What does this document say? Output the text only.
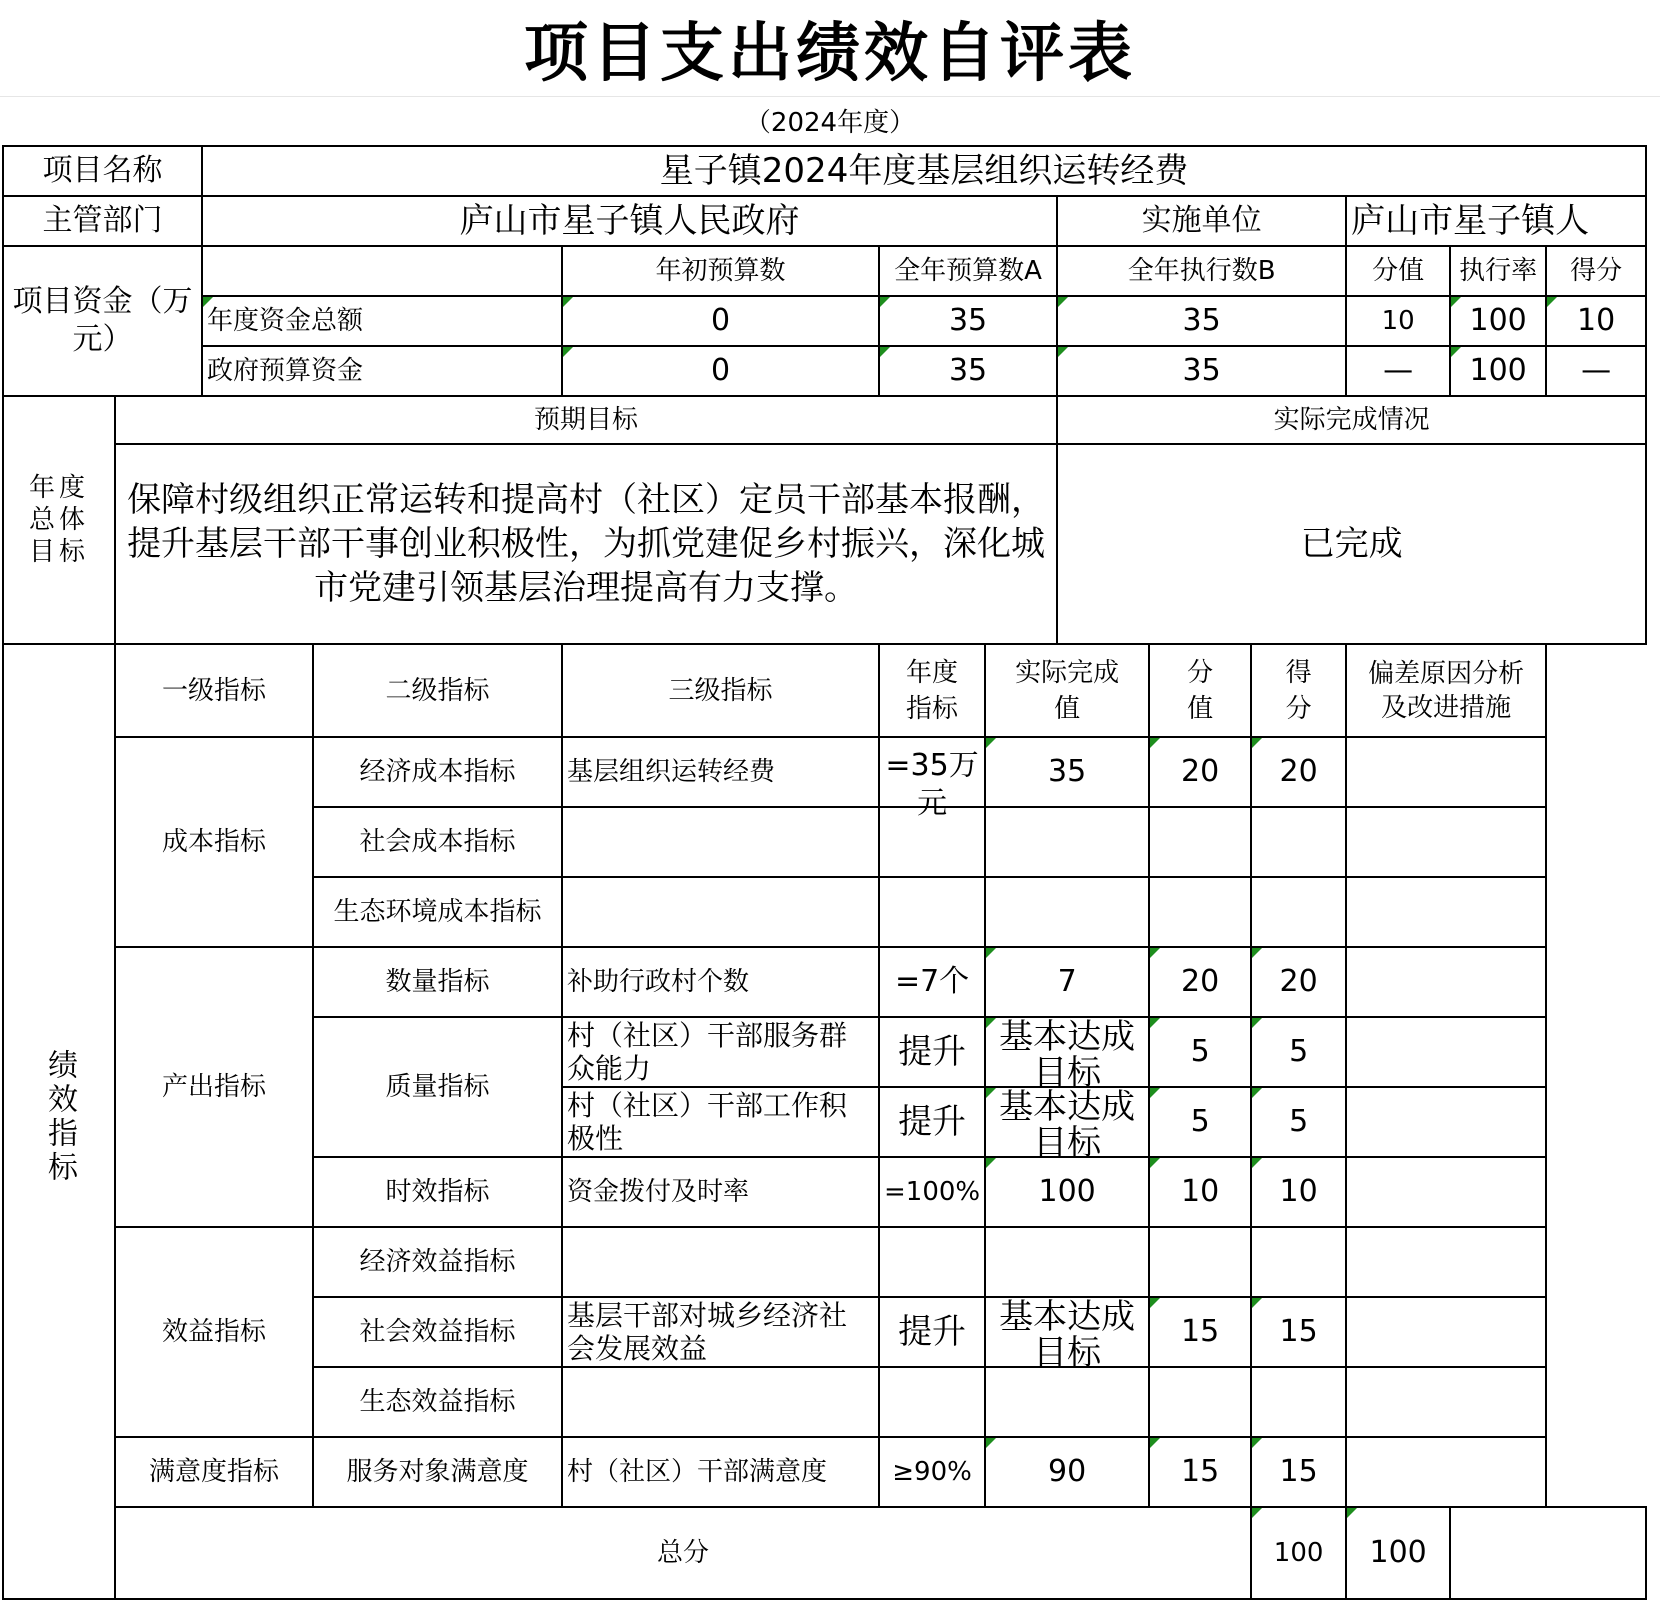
项目支出绩效自评表
（2024年度）
项目名称		星子镇2024年度基层组织运转经费										
主管部门		庐山市星子镇人民政府					实施单位			庐山市星子镇人		
项目资金（万元）				年初预算数	全年预算数A		全年执行数B			分值	执行率	得分
		年度资金总额		0	35		35			10	100	10
		政府预算资金		0	35		35			—	100	—

年度总体目标	预期目标						实际完成情况					
	保障村级组织正常运转和提高村（社区）定员干部基本报酬，提升基层干部干事创业积极性，为抓党建促乡村振兴，深化城市党建引领基层治理提高有力支撑。						已完成					
绩效指标	一级指标		二级指标	三级指标	年度指标	实际完成值		分值	得分	偏差原因分析及改进措施		

	成本指标		经济成本指标	基层组织运转经费	=35万元	35		20	20			
			社会成本指标									
			生态环境成本指标									
	产出指标		数量指标	补助行政村个数	=7个	7		20	20			
			质量指标	村（社区）干部服务群众能力	提升	基本达成目标		5	5			

				村（社区）干部工作积极性	提升	基本达成目标		5	5			
			时效指标	资金拨付及时率	=100%	100		10	10			
	效益指标		经济效益指标									
			社会效益指标	基层干部对城乡经济社会发展效益	提升	基本达成目标		15	15			
			生态效益指标									
	满意度指标		服务对象满意度	村（社区）干部满意度	≥90%	90		15	15			
	总分								100	100		
